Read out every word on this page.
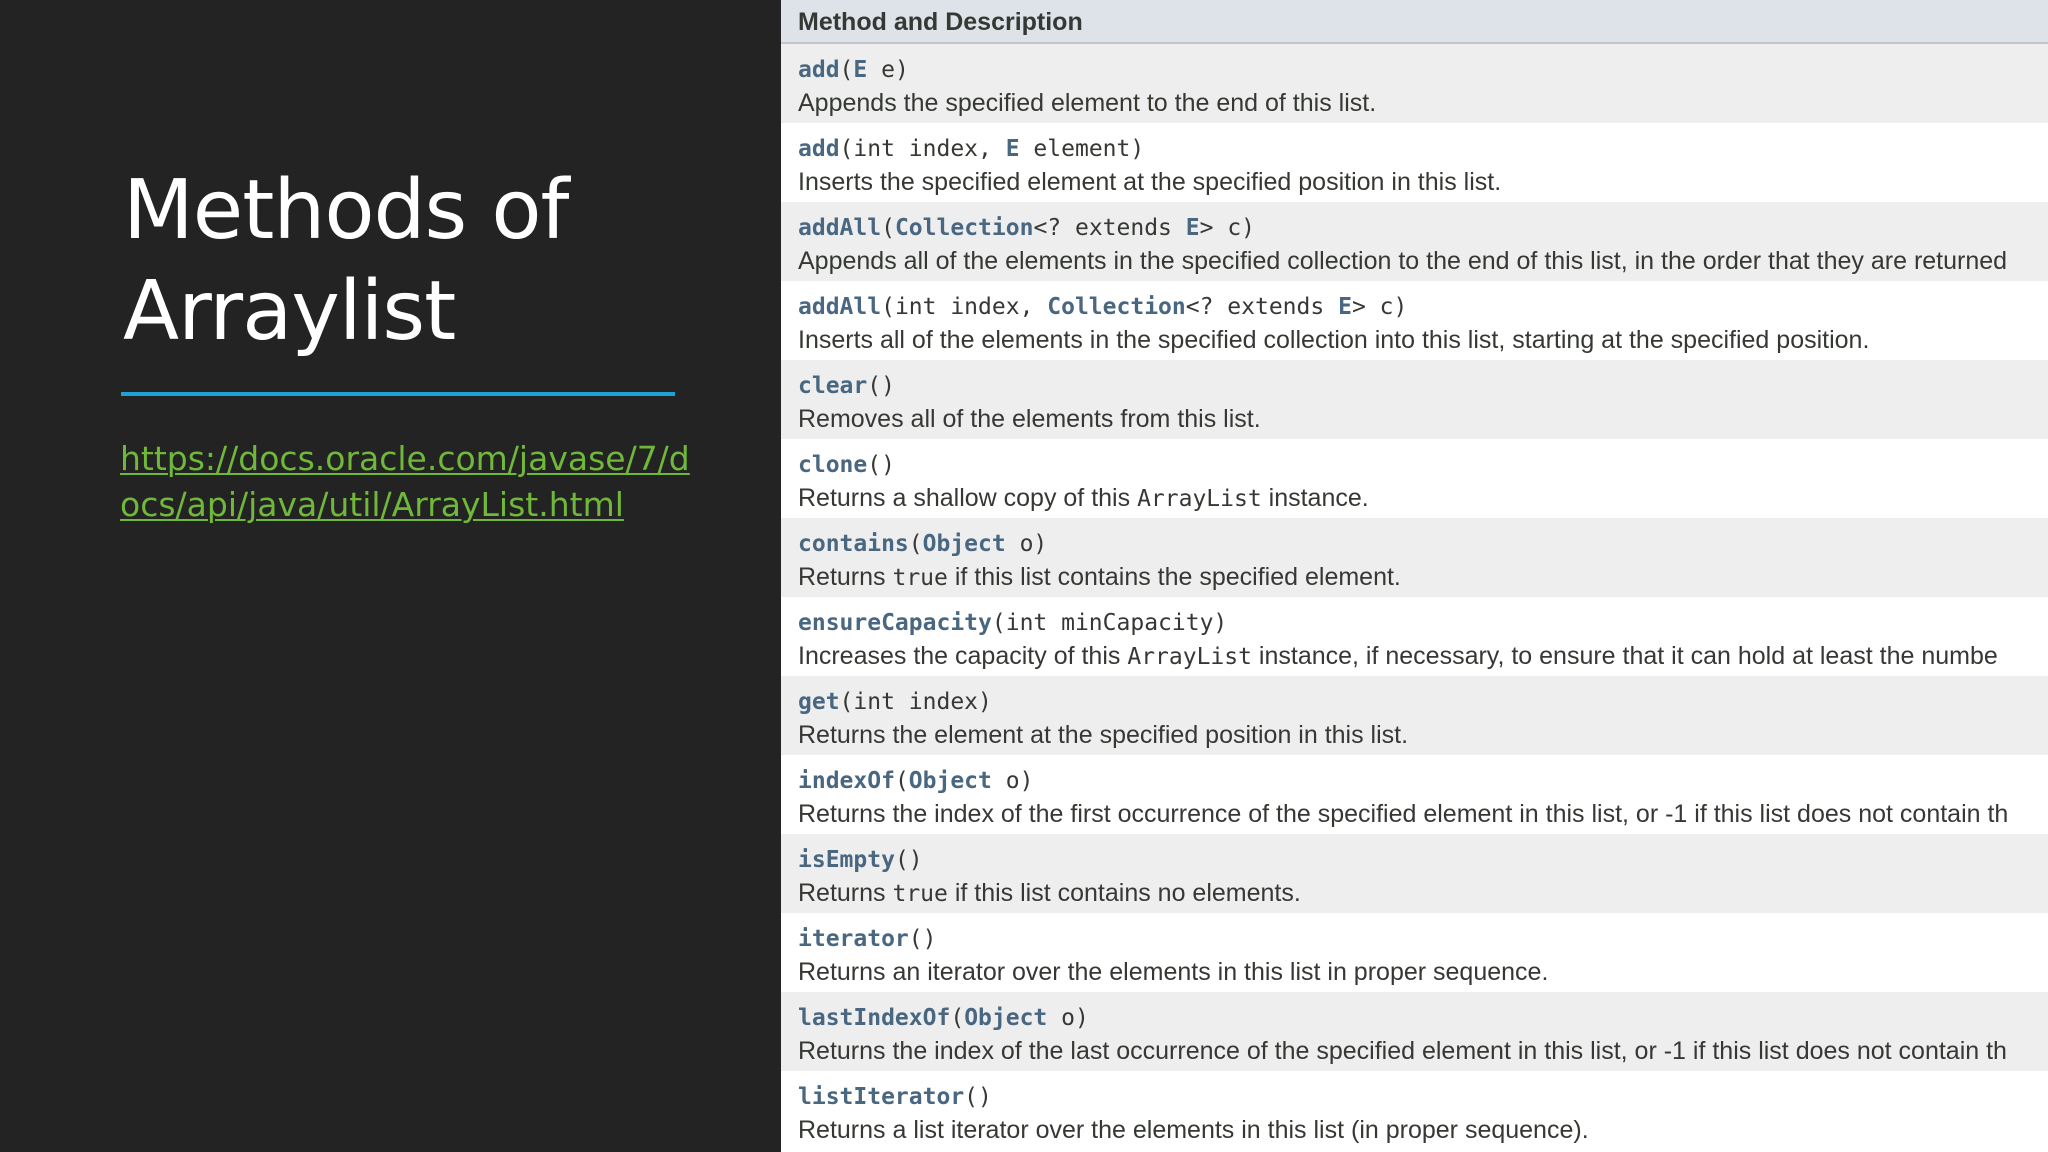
Methods of
Arraylist
https://docs.oracle.com/javase/7/docs/api/java/util/ArrayList.html
Method and Description
add(E e)
Appends the specified element to the end of this list.
add(int index, E element)
Inserts the specified element at the specified position in this list.
addAll(Collection<? extends E> c)
Appends all of the elements in the specified collection to the end of this list, in the order that they are returned
addAll(int index, Collection<? extends E> c)
Inserts all of the elements in the specified collection into this list, starting at the specified position.
clear()
Removes all of the elements from this list.
clone()
Returns a shallow copy of this ArrayList instance.
contains(Object o)
Returns true if this list contains the specified element.
ensureCapacity(int minCapacity)
Increases the capacity of this ArrayList instance, if necessary, to ensure that it can hold at least the numbe
get(int index)
Returns the element at the specified position in this list.
indexOf(Object o)
Returns the index of the first occurrence of the specified element in this list, or -1 if this list does not contain th
isEmpty()
Returns true if this list contains no elements.
iterator()
Returns an iterator over the elements in this list in proper sequence.
lastIndexOf(Object o)
Returns the index of the last occurrence of the specified element in this list, or -1 if this list does not contain th
listIterator()
Returns a list iterator over the elements in this list (in proper sequence).
